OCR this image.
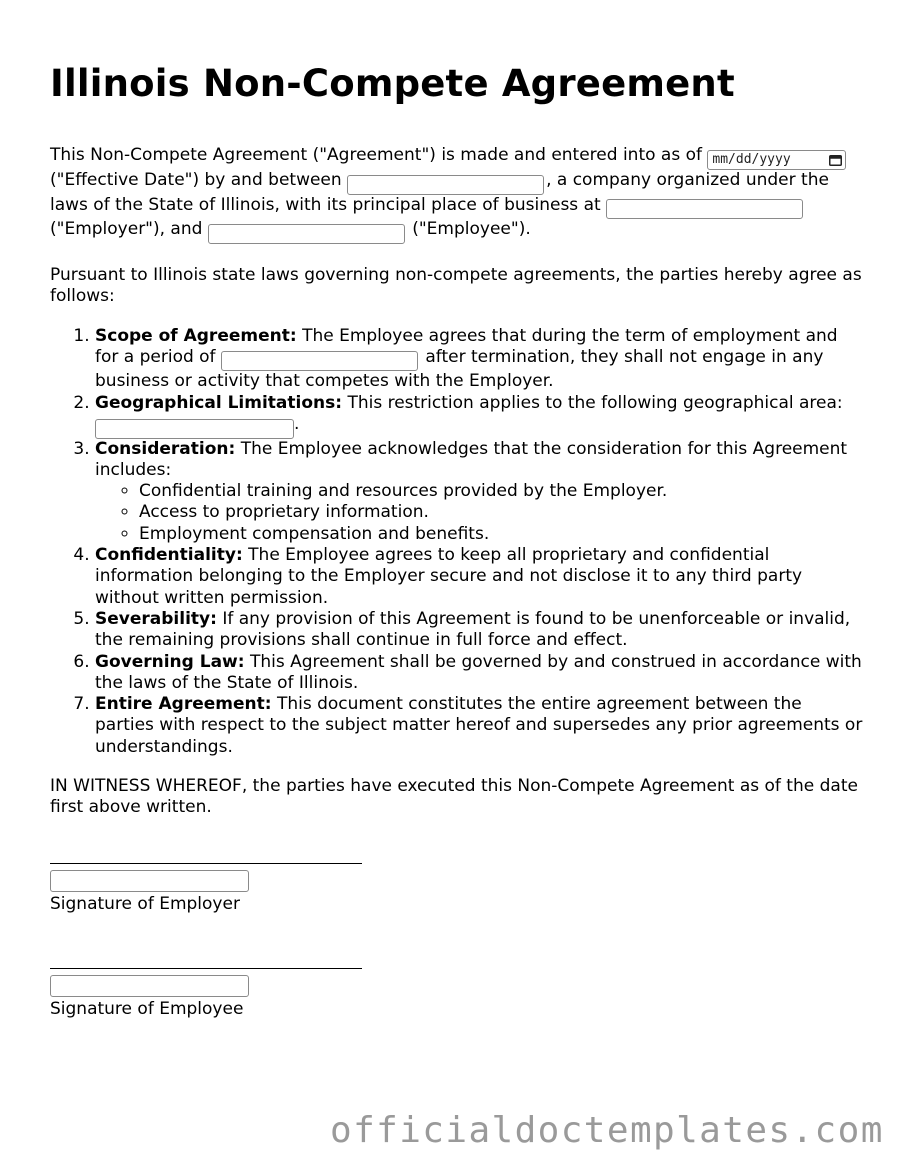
Illinois Non-Compete Agreement

This Non-Compete Agreement ("Agreement") is made and entered into as of mm/dd/yyyy
("Effective Date") by and between	, a company organized under the laws of the State of Illinois, with its principal place of business at  ("Employer"), and	("Employee").

Pursuant to Illinois state laws governing non-compete agreements, the parties hereby agree as follows:

1. Scope of Agreement: The Employee agrees that during the term of employment and for a period of	after termination, they shall not engage in any business or activity that competes with the Employer.
2. Geographical Limitations: This restriction applies to the following geographical area: .
3. Consideration: The Employee acknowledges that the consideration for this Agreement includes:
◦ Confidential training and resources provided by the Employer.
◦ Access to proprietary information.
◦ Employment compensation and benefits.
4. Confidentiality: The Employee agrees to keep all proprietary and confidential information belonging to the Employer secure and not disclose it to any third party without written permission.
5. Severability: If any provision of this Agreement is found to be unenforceable or invalid, the remaining provisions shall continue in full force and effect.
6. Governing Law: This Agreement shall be governed by and construed in accordance with the laws of the State of Illinois.
7. Entire Agreement: This document constitutes the entire agreement between the parties with respect to the subject matter hereof and supersedes any prior agreements or understandings.

IN WITNESS WHEREOF, the parties have executed this Non-Compete Agreement as of the date first above written.

Signature of Employer
Signature of Employee
officialdoctemplates.com
